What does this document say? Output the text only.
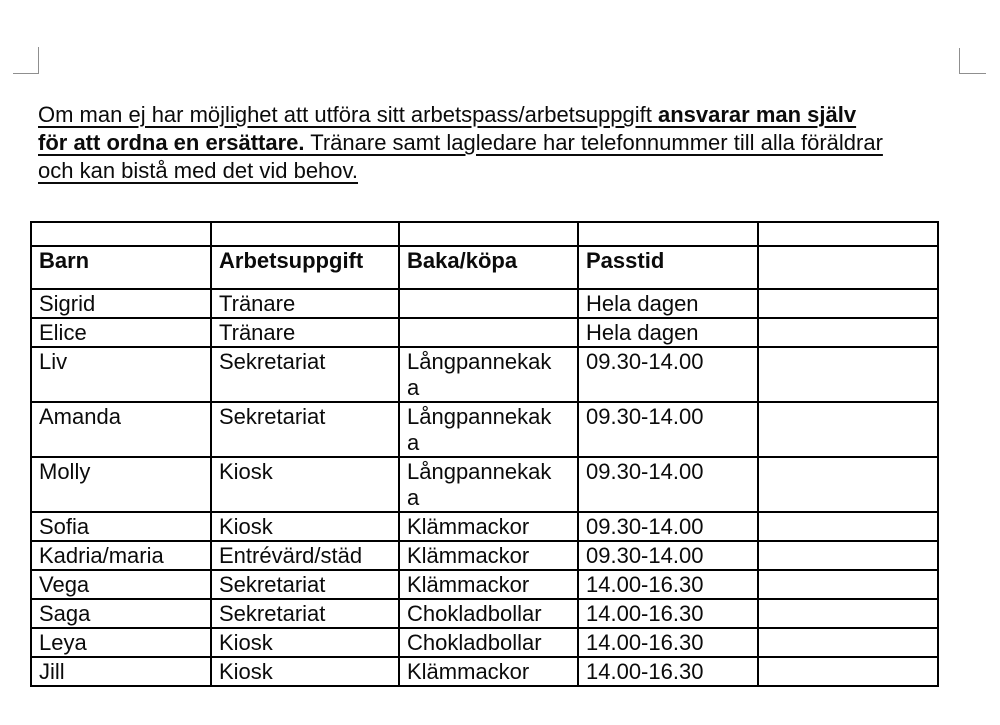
Om man ej har möjlighet att utföra sitt arbetspass/arbetsuppgift ansvarar man själv
för att ordna en ersättare. Tränare samt lagledare har telefonnummer till alla föräldrar
och kan bistå med det vid behov.

Barn	Arbetsuppgift	Baka/köpa	Passtid	
Sigrid	Tränare		Hela dagen	
Elice	Tränare		Hela dagen	
Liv	Sekretariat	Långpannekaka	09.30-14.00	
Amanda	Sekretariat	Långpannekaka	09.30-14.00	
Molly	Kiosk	Långpannekaka	09.30-14.00	
Sofia	Kiosk	Klämmackor	09.30-14.00	
Kadria/maria	Entrévärd/städ	Klämmackor	09.30-14.00	
Vega	Sekretariat	Klämmackor	14.00-16.30	
Saga	Sekretariat	Chokladbollar	14.00-16.30	
Leya	Kiosk	Chokladbollar	14.00-16.30	
Jill	Kiosk	Klämmackor	14.00-16.30	
